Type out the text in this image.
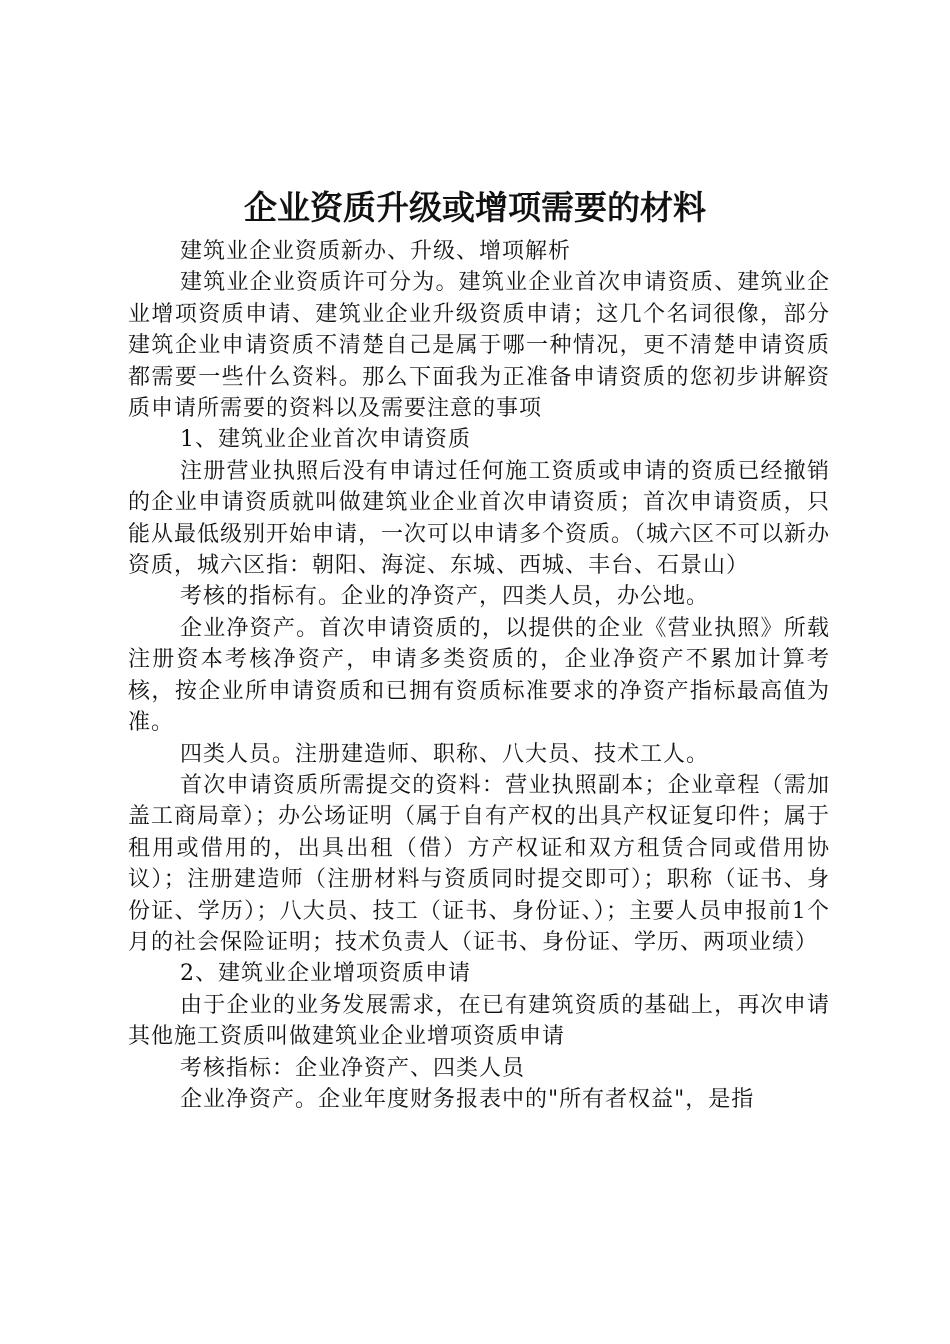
企业资质升级或增项需要的材料

建筑业企业资质新办、升级、增项解析

建筑业企业资质许可分为。建筑业企业首次申请资质、建筑业企业增项资质申请、建筑业企业升级资质申请；这几个名词很像，部分建筑企业申请资质不清楚自己是属于哪一种情况，更不清楚申请资质都需要一些什么资料。那么下面我为正准备申请资质的您初步讲解资质申请所需要的资料以及需要注意的事项

1、建筑业企业首次申请资质

注册营业执照后没有申请过任何施工资质或申请的资质已经撤销的企业申请资质就叫做建筑业企业首次申请资质；首次申请资质，只能从最低级别开始申请，一次可以申请多个资质。（城六区不可以新办资质，城六区指：朝阳、海淀、东城、西城、丰台、石景山）

考核的指标有。企业的净资产，四类人员，办公地。

企业净资产。首次申请资质的，以提供的企业《营业执照》所载注册资本考核净资产，申请多类资质的，企业净资产不累加计算考核，按企业所申请资质和已拥有资质标准要求的净资产指标最高值为准。

四类人员。注册建造师、职称、八大员、技术工人。

首次申请资质所需提交的资料：营业执照副本；企业章程（需加盖工商局章）；办公场证明（属于自有产权的出具产权证复印件；属于租用或借用的，出具出租（借）方产权证和双方租赁合同或借用协议）；注册建造师（注册材料与资质同时提交即可）；职称（证书、身份证、学历）；八大员、技工（证书、身份证、）；主要人员申报前1个月的社会保险证明；技术负责人（证书、身份证、学历、两项业绩）

2、建筑业企业增项资质申请

由于企业的业务发展需求，在已有建筑资质的基础上，再次申请其他施工资质叫做建筑业企业增项资质申请

考核指标：企业净资产、四类人员

企业净资产。企业年度财务报表中的"所有者权益"，是指
